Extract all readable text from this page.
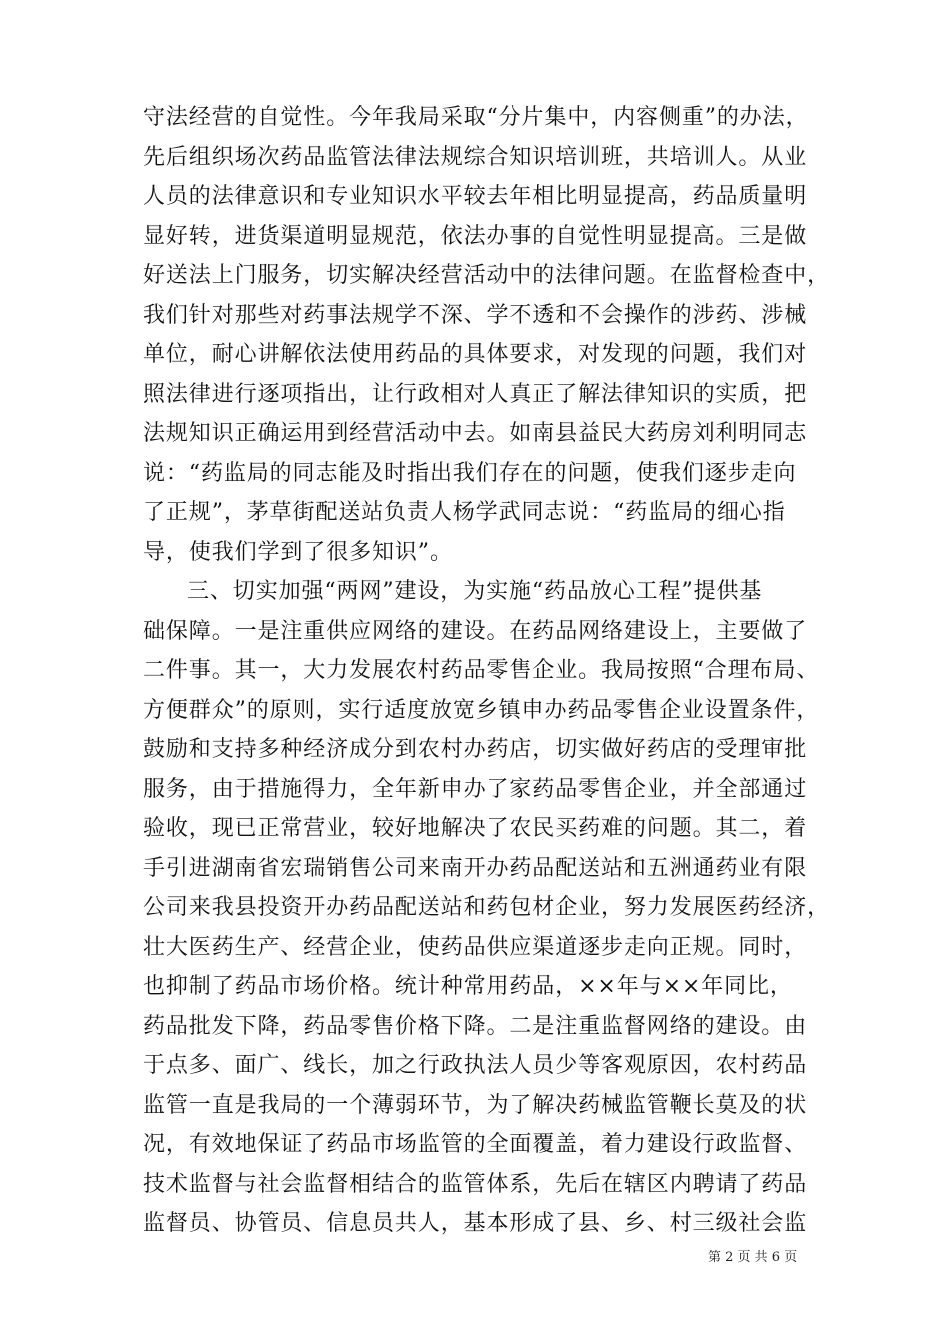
守法经营的自觉性。今年我局采取“分片集中，内容侧重”的办法，
先后组织场次药品监管法律法规综合知识培训班，共培训人。从业
人员的法律意识和专业知识水平较去年相比明显提高，药品质量明
显好转，进货渠道明显规范，依法办事的自觉性明显提高。三是做
好送法上门服务，切实解决经营活动中的法律问题。在监督检查中，
我们针对那些对药事法规学不深、学不透和不会操作的涉药、涉械
单位，耐心讲解依法使用药品的具体要求，对发现的问题，我们对
照法律进行逐项指出，让行政相对人真正了解法律知识的实质，把
法规知识正确运用到经营活动中去。如南县益民大药房刘利明同志
说：“药监局的同志能及时指出我们存在的问题，使我们逐步走向
了正规”，茅草街配送站负责人杨学武同志说：“药监局的细心指
导，使我们学到了很多知识”。
三、切实加强“两网”建设，为实施“药品放心工程”提供基
础保障。一是注重供应网络的建设。在药品网络建设上，主要做了
二件事。其一，大力发展农村药品零售企业。我局按照“合理布局、
方便群众”的原则，实行适度放宽乡镇申办药品零售企业设置条件，
鼓励和支持多种经济成分到农村办药店，切实做好药店的受理审批
服务，由于措施得力，全年新申办了家药品零售企业，并全部通过
验收，现已正常营业，较好地解决了农民买药难的问题。其二，着
手引进湖南省宏瑞销售公司来南开办药品配送站和五洲通药业有限
公司来我县投资开办药品配送站和药包材企业，努力发展医药经济，
壮大医药生产、经营企业，使药品供应渠道逐步走向正规。同时，
也抑制了药品市场价格。统计种常用药品，××年与××年同比，
药品批发下降，药品零售价格下降。二是注重监督网络的建设。由
于点多、面广、线长，加之行政执法人员少等客观原因，农村药品
监管一直是我局的一个薄弱环节，为了解决药械监管鞭长莫及的状
况，有效地保证了药品市场监管的全面覆盖，着力建设行政监督、
技术监督与社会监督相结合的监管体系，先后在辖区内聘请了药品
监督员、协管员、信息员共人，基本形成了县、乡、村三级社会监
第 2 页 共 6 页
